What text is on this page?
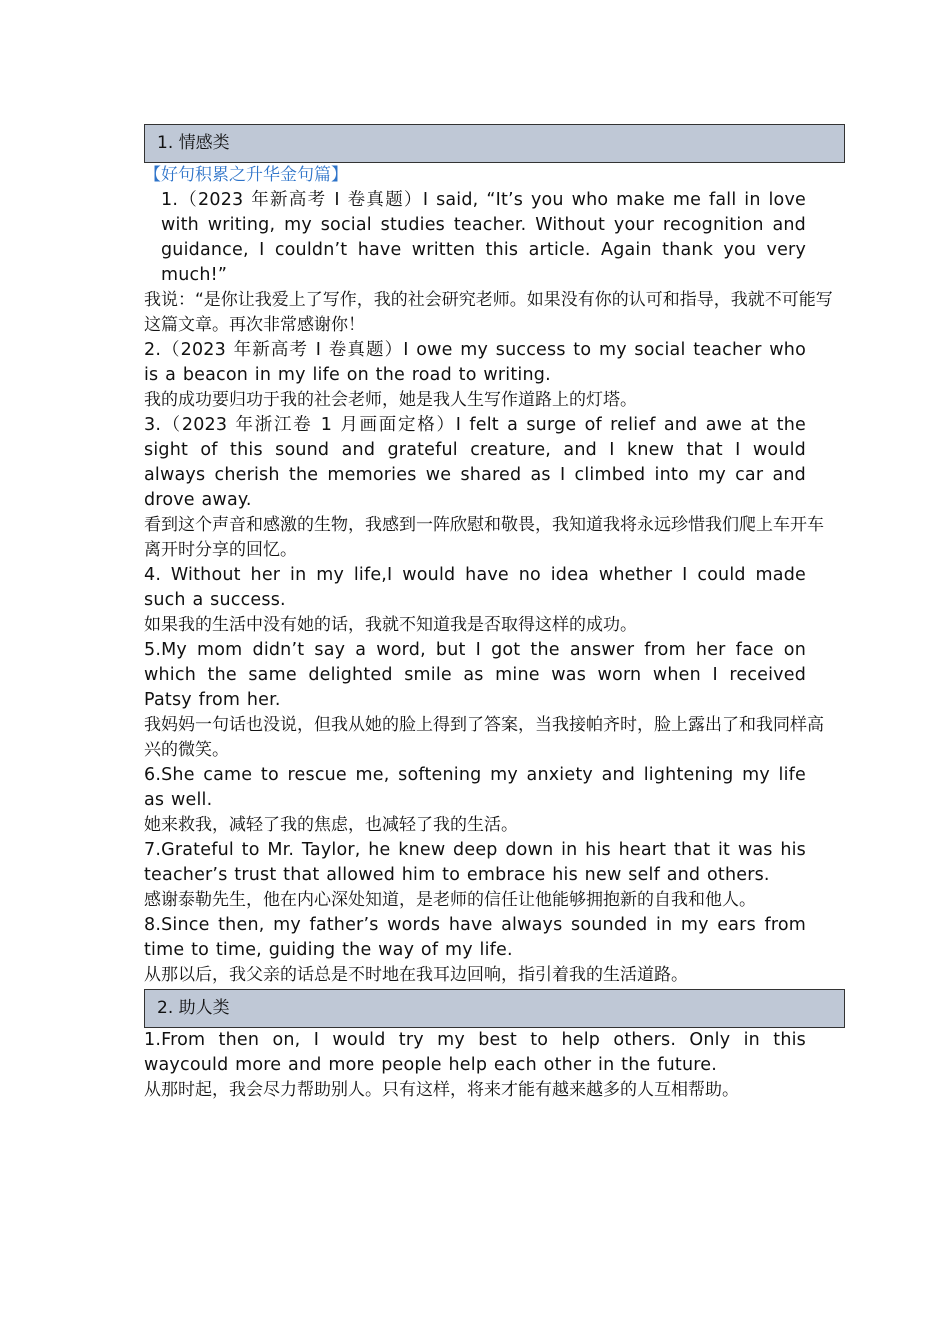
1. 情感类
【好句积累之升华金句篇】
1.（2023 年新高考 I 卷真题）I said, “It’s you who make me fall in love with writing, my social studies teacher. Without your recognition and guidance, I couldn’t have written this article. Again thank you very much!”
我说：“是你让我爱上了写作，我的社会研究老师。如果没有你的认可和指导，我就不可能写这篇文章。再次非常感谢你！
2.（2023 年新高考 I 卷真题）I owe my success to my social teacher who is a beacon in my life on the road to writing.
我的成功要归功于我的社会老师，她是我人生写作道路上的灯塔。
3.（2023 年浙江卷 1 月画面定格）I felt a surge of relief and awe at the sight of this sound and grateful creature, and I knew that I would always cherish the memories we shared as I climbed into my car and drove away.
看到这个声音和感激的生物，我感到一阵欣慰和敬畏，我知道我将永远珍惜我们爬上车开车离开时分享的回忆。
4. Without her in my life,I would have no idea whether I could made such a success.
如果我的生活中没有她的话，我就不知道我是否取得这样的成功。
5.My mom didn’t say a word, but I got the answer from her face on which the same delighted smile as mine was worn when I received Patsy from her.
我妈妈一句话也没说，但我从她的脸上得到了答案，当我接帕齐时，脸上露出了和我同样高兴的微笑。
6.She came to rescue me, softening my anxiety and lightening my life as well.
她来救我，减轻了我的焦虑，也减轻了我的生活。
7.Grateful to Mr. Taylor, he knew deep down in his heart that it was his teacher’s trust that allowed him to embrace his new self and others.
感谢泰勒先生，他在内心深处知道，是老师的信任让他能够拥抱新的自我和他人。
8.Since then, my father’s words have always sounded in my ears from time to time, guiding the way of my life.
从那以后，我父亲的话总是不时地在我耳边回响，指引着我的生活道路。
2. 助人类
1.From then on, I would try my best to help others. Only in this waycould more and more people help each other in the future.
从那时起，我会尽力帮助别人。只有这样，将来才能有越来越多的人互相帮助。
